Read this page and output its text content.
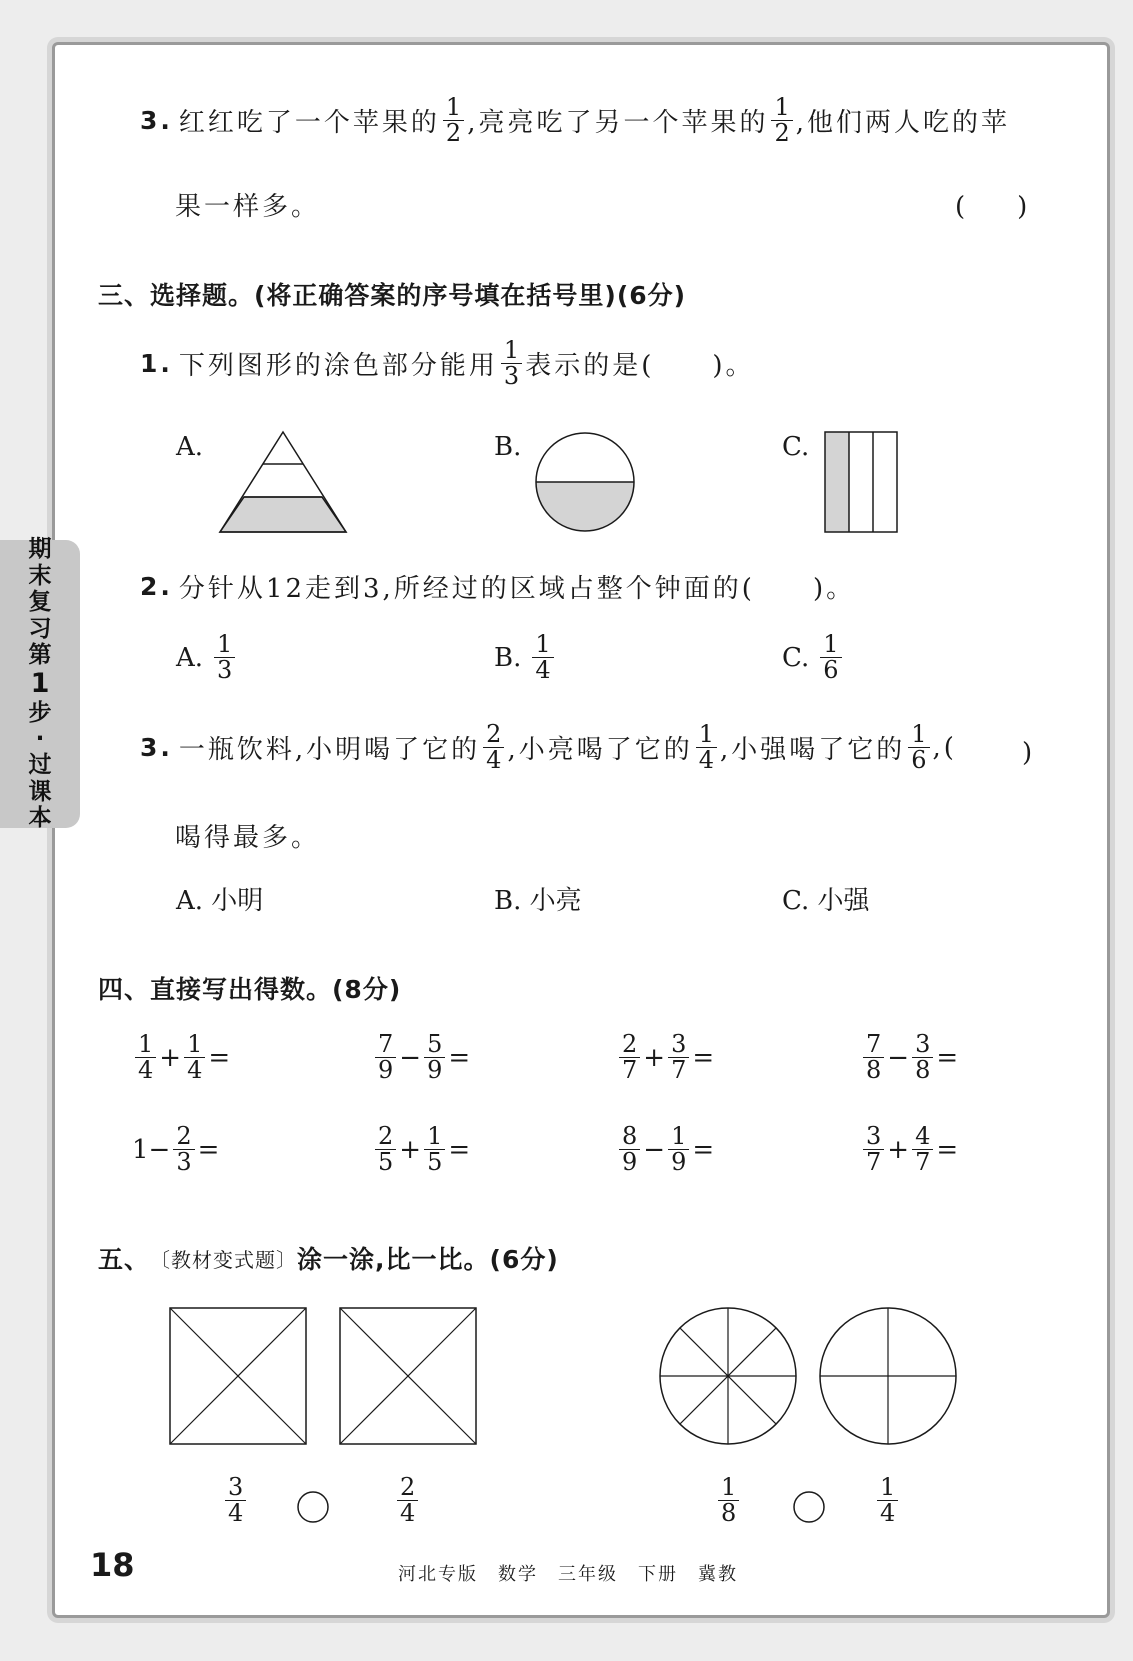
3. 红红吃了一个苹果的 $\frac{1}{2}$ ,亮亮吃了另一个苹果的 $\frac{1}{2}$ ,他们两人吃的苹
果一样多。	(　　)
三、选择题。(将正确答案的序号填在括号里)(6分)
1. 下列图形的涂色部分能用 $\frac{1}{3}$ 表示的是(　　)。
A.	B.	C.
2. 分针从12走到3,所经过的区域占整个钟面的(　　)。
A. $\frac{1}{3}$	B. $\frac{1}{4}$	C. $\frac{1}{6}$
3. 一瓶饮料,小明喝了它的 $\frac{2}{4}$ ,小亮喝了它的 $\frac{1}{4}$ ,小强喝了它的 $\frac{1}{6}$ ,(	)
喝得最多。
A. 小明	B. 小亮	C. 小强
四、直接写出得数。(8分)
$\frac{1}{4} + \frac{1}{4}$ =	$\frac{7}{9} - \frac{5}{9}$ =	$\frac{2}{7} + \frac{3}{7}$ =	$\frac{7}{8} - \frac{3}{8}$ =
$1 - \frac{2}{3}$ =	$\frac{2}{5} + \frac{1}{5}$ =	$\frac{8}{9} - \frac{1}{9}$ =	$\frac{3}{7} + \frac{4}{7}$ =
五、 〔教材变式题〕 涂一涂,比一比。(6分)
$\frac{3}{4}$	$\frac{2}{4}$	$\frac{1}{8}$	$\frac{1}{4}$
期
末
复
习
第
1
步
·
过
课
本
18	河北专版　数学　三年级　下册　冀教
